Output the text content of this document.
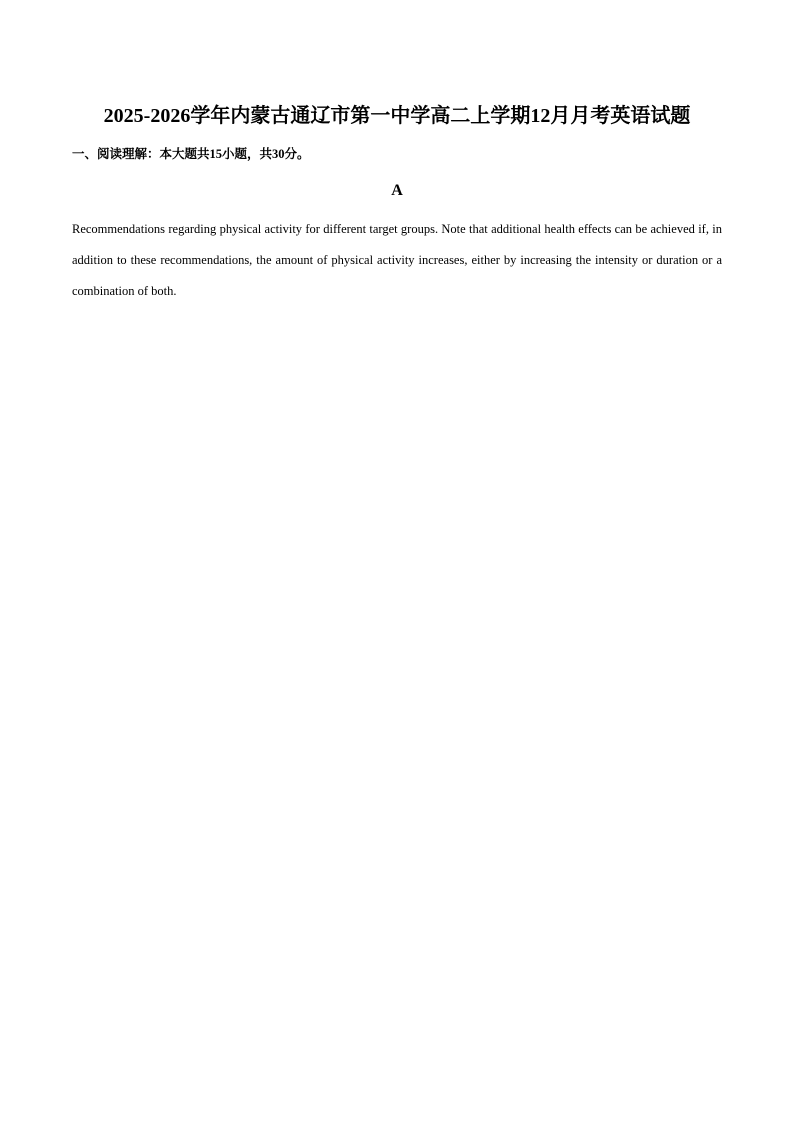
2025-2026学年内蒙古通辽市第一中学高二上学期12月月考英语试题
一、阅读理解：本大题共15小题，共30分。
A
Recommendations regarding physical activity for different target groups. Note that additional health effects can be achieved if, in addition to these recommendations, the amount of physical activity increases, either by increasing the intensity or duration or a combination of both.
